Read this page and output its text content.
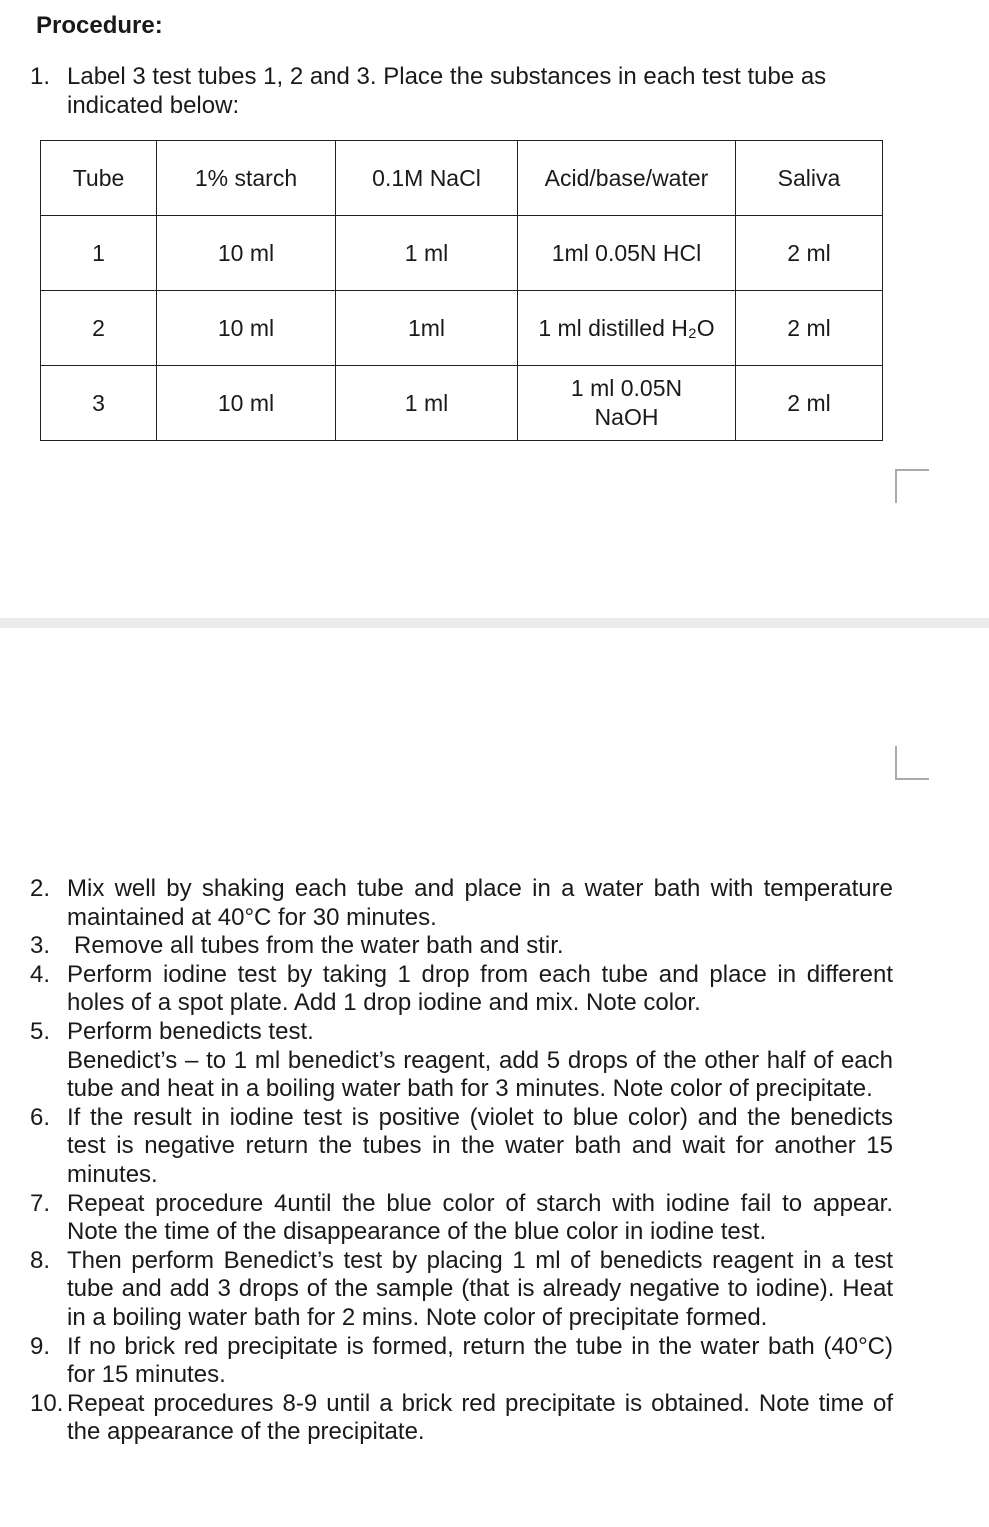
Procedure:
1. Label 3 test tubes 1, 2 and 3. Place the substances in each test tube as indicated below:
Tube	1% starch	0.1M NaCl	Acid/base/water	Saliva
1	10 ml	1 ml	1ml 0.05N HCl	2 ml
2	10 ml	1ml	1 ml distilled H₂O	2 ml
3	10 ml	1 ml	1 ml 0.05N NaOH	2 ml
2. Mix well by shaking each tube and place in a water bath with temperature maintained at 40°C for 30 minutes.
3. Remove all tubes from the water bath and stir.
4. Perform iodine test by taking 1 drop from each tube and place in different holes of a spot plate. Add 1 drop iodine and mix. Note color.
5. Perform benedicts test.
Benedict’s – to 1 ml benedict’s reagent, add 5 drops of the other half of each tube and heat in a boiling water bath for 3 minutes. Note color of precipitate.
6. If the result in iodine test is positive (violet to blue color) and the benedicts test is negative return the tubes in the water bath and wait for another 15 minutes.
7. Repeat procedure 4until the blue color of starch with iodine fail to appear. Note the time of the disappearance of the blue color in iodine test.
8. Then perform Benedict’s test by placing 1 ml of benedicts reagent in a test tube and add 3 drops of the sample (that is already negative to iodine). Heat in a boiling water bath for 2 mins. Note color of precipitate formed.
9. If no brick red precipitate is formed, return the tube in the water bath (40°C) for 15 minutes.
10. Repeat procedures 8-9 until a brick red precipitate is obtained. Note time of the appearance of the precipitate.
